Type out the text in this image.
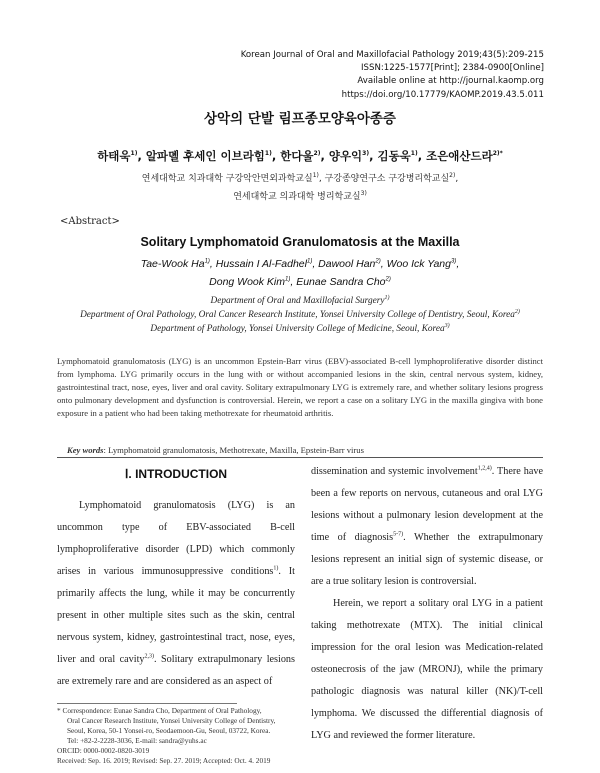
Korean Journal of Oral and Maxillofacial Pathology 2019;43(5):209-215
ISSN:1225-1577[Print]; 2384-0900[Online]
Available online at http://journal.kaomp.org
https://doi.org/10.17779/KAOMP.2019.43.5.011
상악의 단발 림프종모양육아종증
하태욱$^{1)}$, 알파뎰 후세인 이브라힘$^{1)}$, 한다울$^{2)}$, 양우익$^{3)}$, 김동욱$^{1)}$, 조은애산드라$^{2)*}$
연세대학교 치과대학 구강악안면외과학교실$^{1)}$, 구강종양연구소 구강병리학교실$^{2)}$,
연세대학교 의과대학 병리학교실$^{3)}$
<Abstract>
Solitary Lymphomatoid Granulomatosis at the Maxilla
Tae-Wook Ha$^{1)}$, Hussain I Al-Fadhel$^{1)}$, Dawool Han$^{2)}$, Woo Ick Yang$^{3)}$,
Dong Wook Kim$^{1)}$, Eunae Sandra Cho$^{2)}$
Department of Oral and Maxillofacial Surgery$^{1)}$
Department of Oral Pathology, Oral Cancer Research Institute, Yonsei University College of Dentistry, Seoul, Korea$^{2)}$
Department of Pathology, Yonsei University College of Medicine, Seoul, Korea$^{3)}$

Lymphomatoid granulomatosis (LYG) is an uncommon Epstein-Barr virus (EBV)-associated B-cell lymphoproliferative disorder distinct from lymphoma. LYG primarily occurs in the lung with or without accompanied lesions in the skin, central nervous system, kidney, gastrointestinal tract, nose, eyes, liver and oral cavity. Solitary extrapulmonary LYG is extremely rare, and whether solitary lesions progress onto pulmonary development and dysfunction is controversial. Herein, we report a case on a solitary LYG in the maxilla gingiva with bone exposure in a patient who had been taking methotrexate for rheumatoid arthritis.

Key words: Lymphomatoid granulomatosis, Methotrexate, Maxilla, Epstein-Barr virus
Ⅰ. INTRODUCTION

Lymphomatoid granulomatosis (LYG) is an uncommon type of EBV-associated B-cell lymphoproliferative disorder (LPD) which commonly arises in various immunosuppressive conditions$^{1)}$. It primarily affects the lung, while it may be concurrently present in other multiple sites such as the skin, central nervous system, kidney, gastrointestinal tract, nose, eyes, liver and oral cavity$^{2,3)}$. Solitary extrapulmonary lesions are extremely rare and are considered as an aspect of

dissemination and systemic involvement$^{1,2,4)}$. There have been a few reports on nervous, cutaneous and oral LYG lesions without a pulmonary lesion development at the time of diagnosis$^{5-7)}$. Whether the extrapulmonary lesions represent an initial sign of systemic disease, or are a true solitary lesion is controversial.

Herein, we report a solitary oral LYG in a patient taking methotrexate (MTX). The initial clinical impression for the oral lesion was Medication-related osteonecrosis of the jaw (MRONJ), while the primary pathologic diagnosis was natural killer (NK)/T-cell lymphoma. We discussed the differential diagnosis of LYG and reviewed the former literature.

* Correspondence: Eunae Sandra Cho, Department of Oral Pathology,
Oral Cancer Research Institute, Yonsei University College of Dentistry,
Seoul, Korea, 50-1 Yonsei-ro, Seodaemoon-Gu, Seoul, 03722, Korea.
Tel: +82-2-2228-3036, E-mail: sandra@yuhs.ac
ORCID: 0000-0002-0820-3019
Received: Sep. 16. 2019; Revised: Sep. 27. 2019; Accepted: Oct. 4. 2019
